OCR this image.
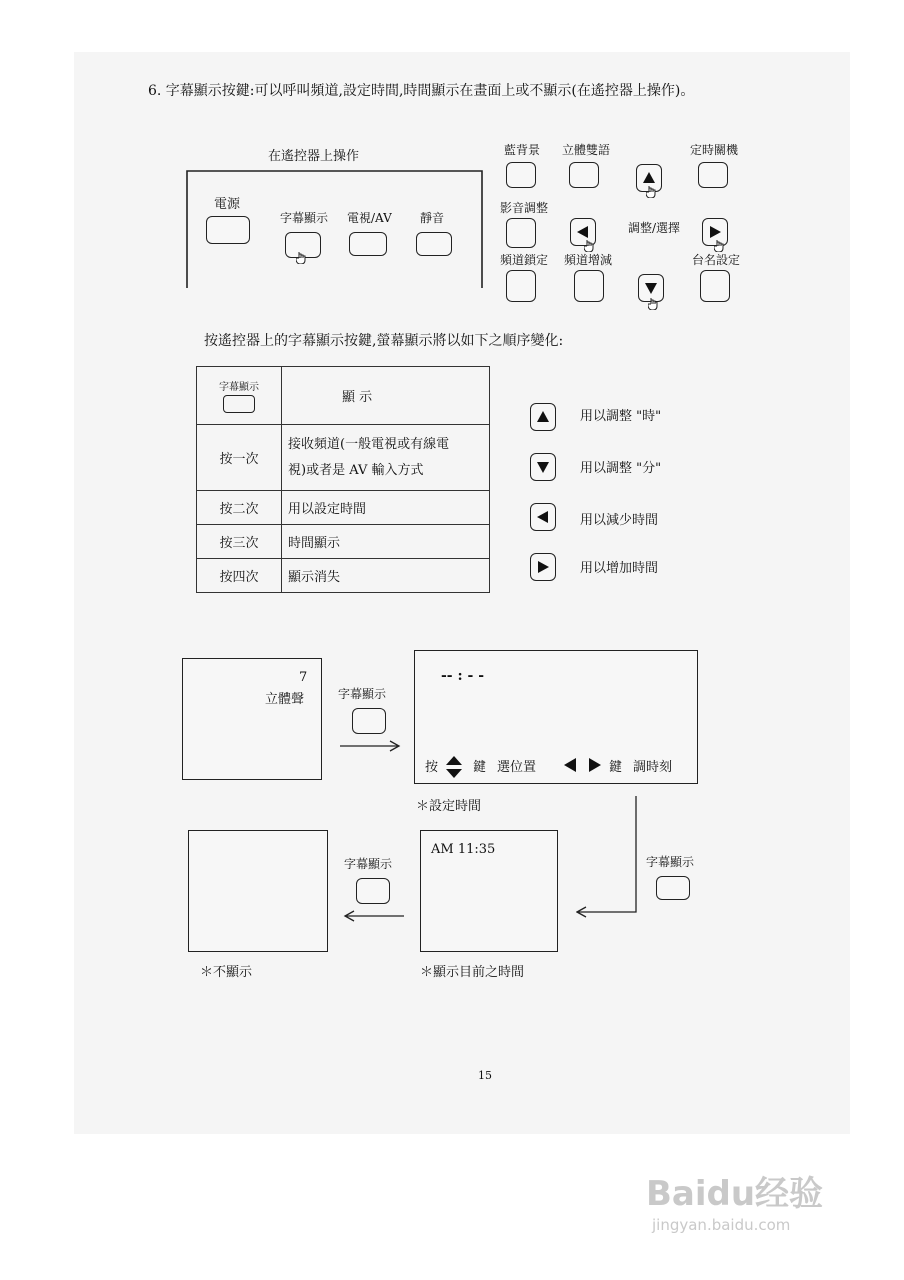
6. 字幕顯示按鍵:可以呼叫頻道,設定時間,時間顯示在畫面上或不顯示(在遙控器上操作)。
在遙控器上操作
電源
字幕顯示 電視/AV 靜音
藍背景 立體雙語	定時關機
影音調整
調整/選擇
頻道鎖定 頻道增減	台名設定
按遙控器上的字幕顯示按鍵,螢幕顯示將以如下之順序變化:
字幕顯示	顯 示
按一次	接收頻道(一般電視或有線電
視)或者是 AV 輸入方式

按二次	用以設定時間
按三次	時間顯示
按四次	顯示消失
用以調整 "時"
用以調整 "分"
用以減少時間
用以增加時間
7
立體聲	字幕顯示
-- : - -
按	鍵 選位置	鍵 調時刻
＊設定時間
字幕顯示
AM 11:35
＊顯示目前之時間
字幕顯示
＊不顯示
15
Baidu经验
jingyan.baidu.com
